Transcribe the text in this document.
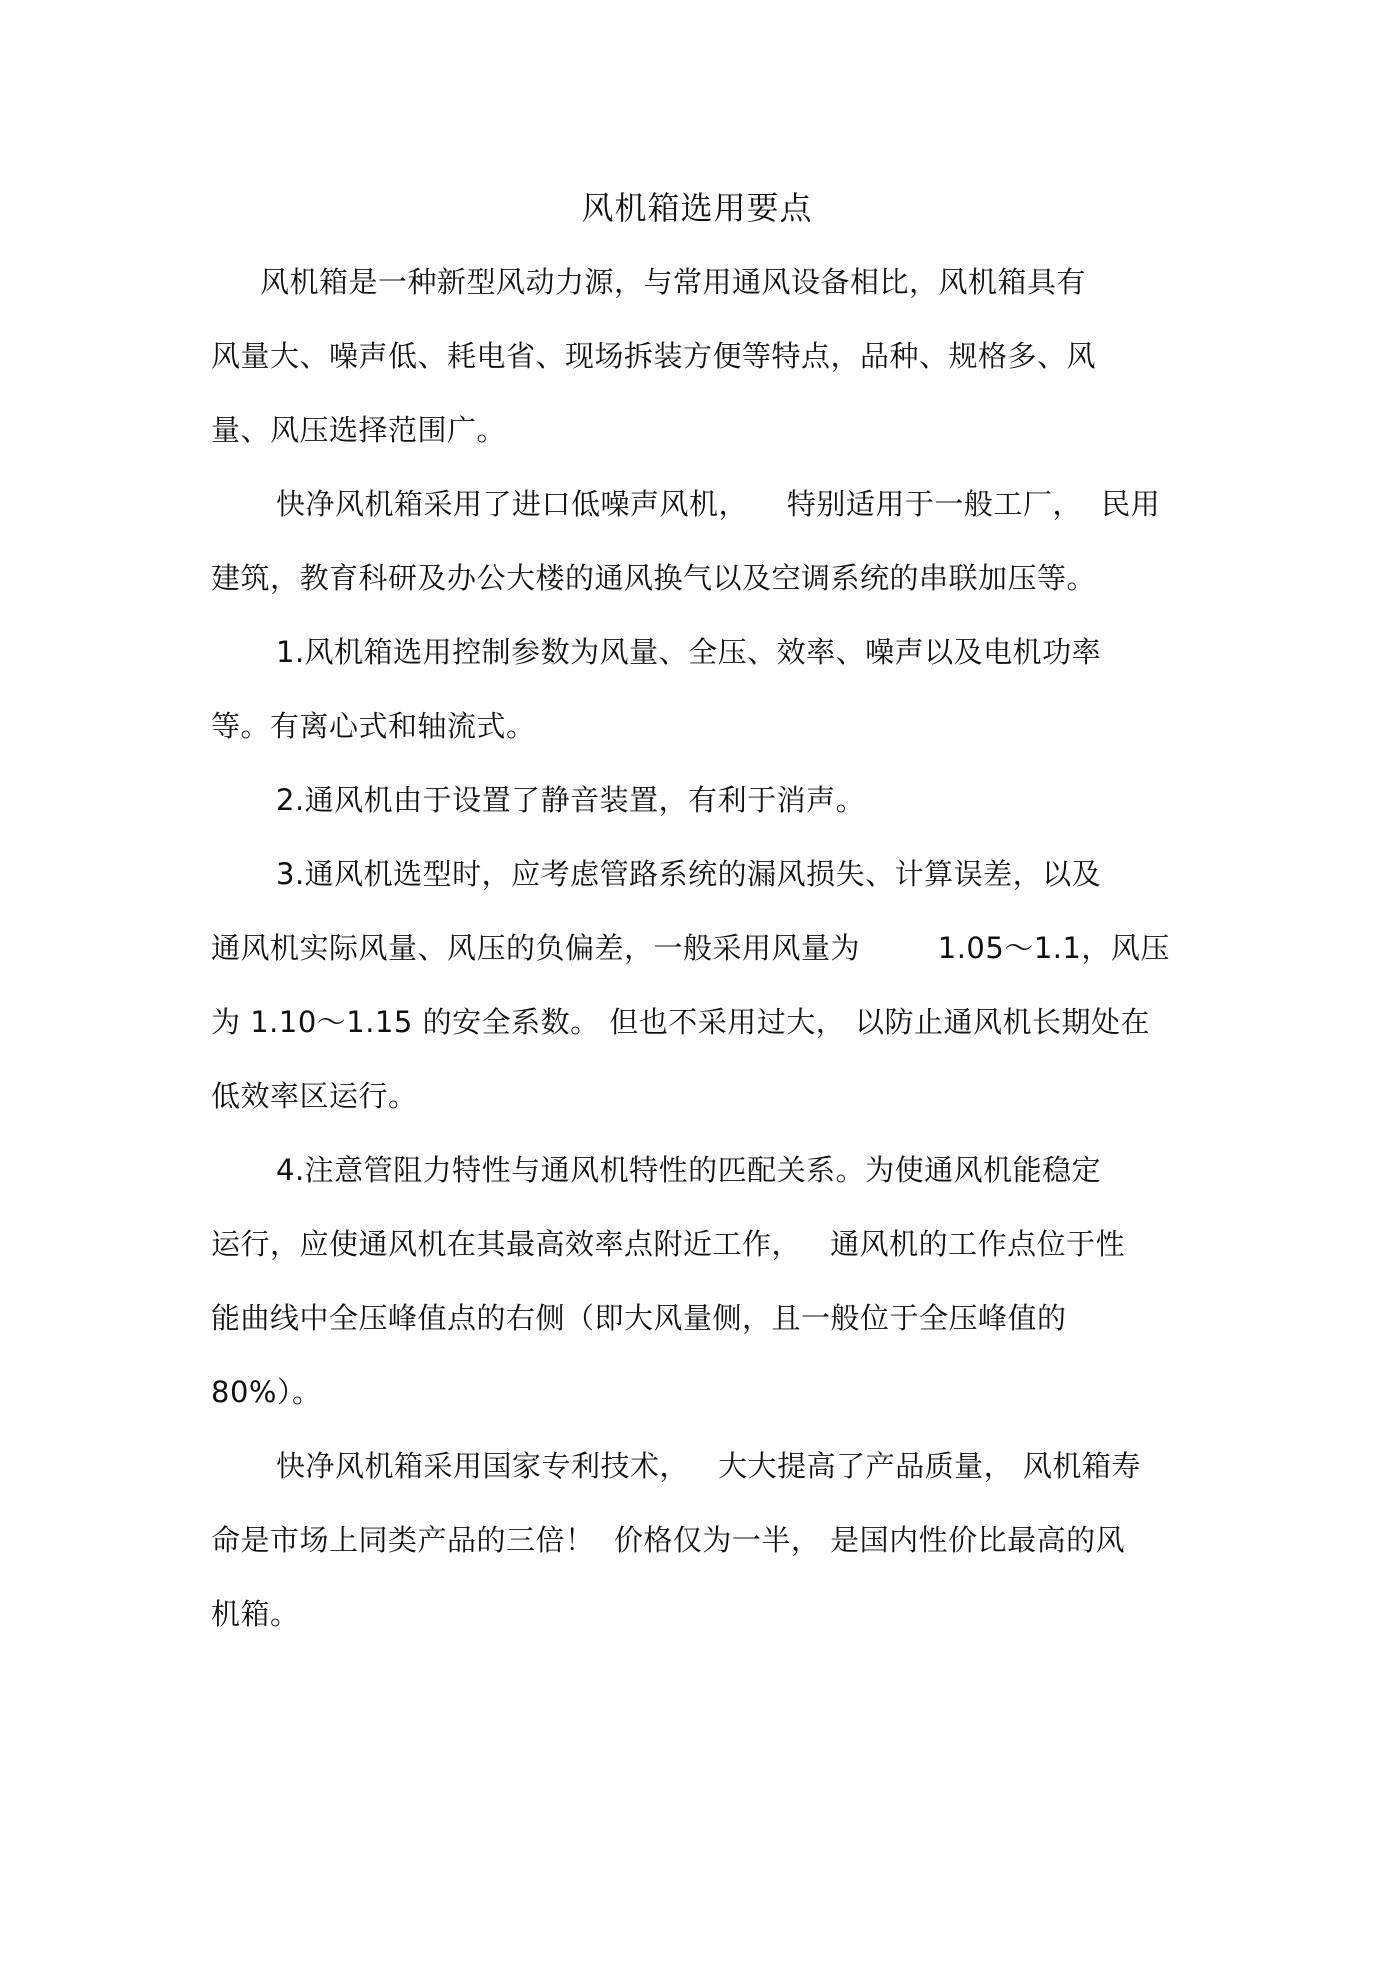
风机箱选用要点

风机箱是一种新型风动力源，与常用通风设备相比，风机箱具有

风量大、噪声低、耗电省、现场拆装方便等特点，品种、规格多、风

量、风压选择范围广。

快净风机箱采用了进口低噪声风机，    特别适用于一般工厂，  民用

建筑，教育科研及办公大楼的通风换气以及空调系统的串联加压等。

1.风机箱选用控制参数为风量、全压、效率、噪声以及电机功率

等。有离心式和轴流式。

2.通风机由于设置了静音装置，有利于消声。

3.通风机选型时，应考虑管路系统的漏风损失、计算误差，以及

通风机实际风量、风压的负偏差，一般采用风量为        1.05～1.1，风压

为 1.10～1.15 的安全系数。 但也不采用过大， 以防止通风机长期处在

低效率区运行。

4.注意管阻力特性与通风机特性的匹配关系。为使通风机能稳定

运行，应使通风机在其最高效率点附近工作，   通风机的工作点位于性

能曲线中全压峰值点的右侧（即大风量侧，且一般位于全压峰值的

80%）。

快净风机箱采用国家专利技术，   大大提高了产品质量， 风机箱寿

命是市场上同类产品的三倍！  价格仅为一半， 是国内性价比最高的风

机箱。
